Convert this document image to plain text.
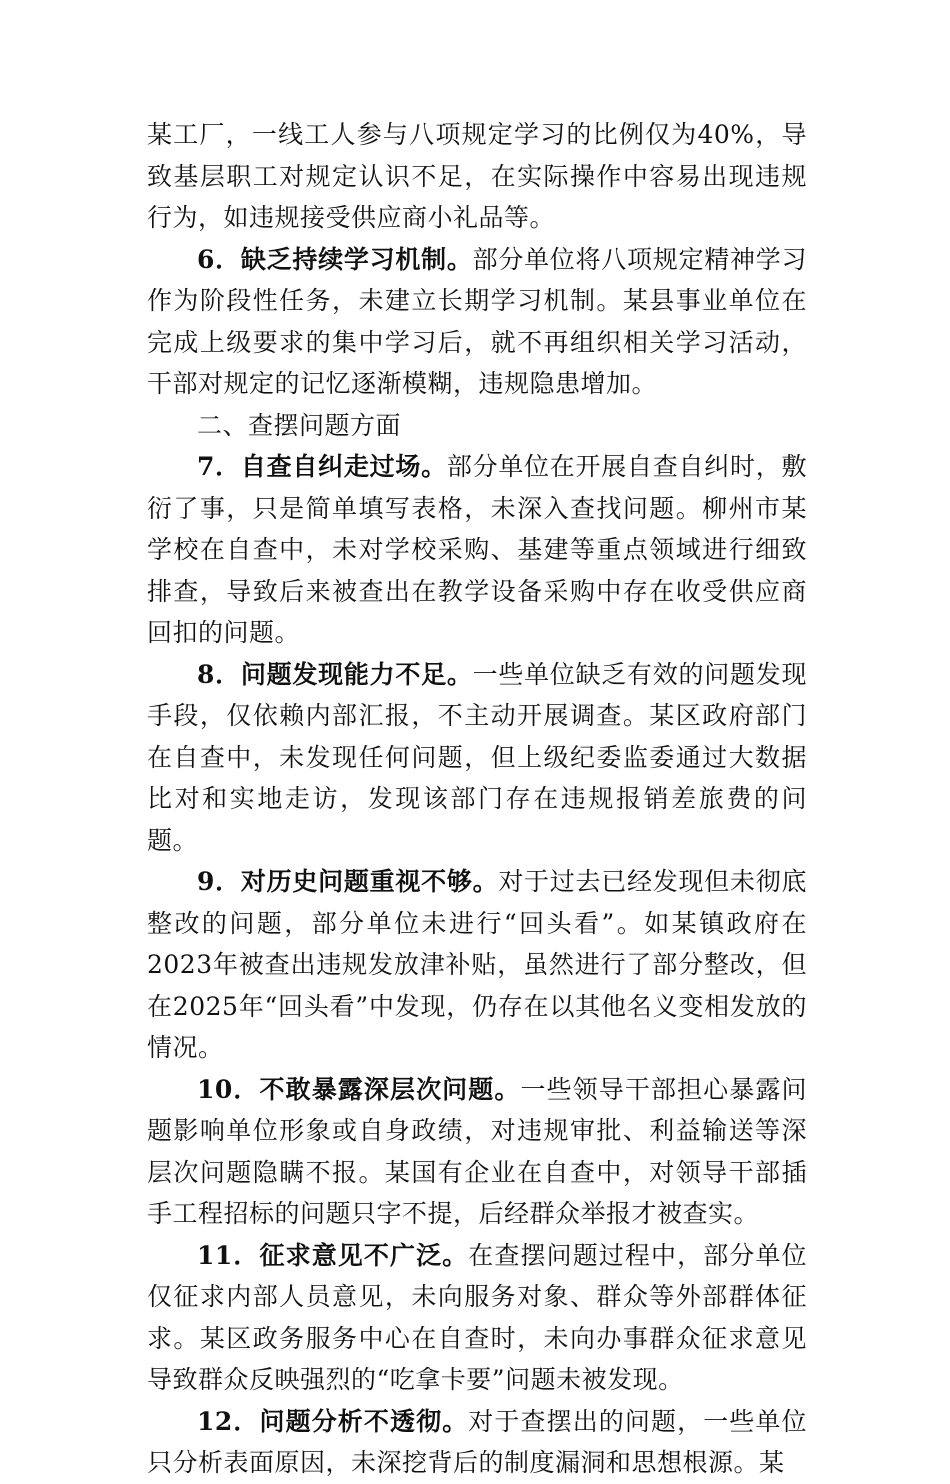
某工厂，一线工人参与八项规定学习的比例仅为40%，导致基层职工对规定认识不足，在实际操作中容易出现违规行为，如违规接受供应商小礼品等。

6．缺乏持续学习机制。部分单位将八项规定精神学习作为阶段性任务，未建立长期学习机制。某县事业单位在完成上级要求的集中学习后，就不再组织相关学习活动，干部对规定的记忆逐渐模糊，违规隐患增加。

二、查摆问题方面

7．自查自纠走过场。部分单位在开展自查自纠时，敷衍了事，只是简单填写表格，未深入查找问题。柳州市某学校在自查中，未对学校采购、基建等重点领域进行细致排查，导致后来被查出在教学设备采购中存在收受供应商回扣的问题。

8．问题发现能力不足。一些单位缺乏有效的问题发现手段，仅依赖内部汇报，不主动开展调查。某区政府部门在自查中，未发现任何问题，但上级纪委监委通过大数据比对和实地走访，发现该部门存在违规报销差旅费的问题。

9．对历史问题重视不够。对于过去已经发现但未彻底整改的问题，部分单位未进行“回头看”。如某镇政府在2023年被查出违规发放津补贴，虽然进行了部分整改，但在2025年“回头看”中发现，仍存在以其他名义变相发放的情况。

10．不敢暴露深层次问题。一些领导干部担心暴露问题影响单位形象或自身政绩，对违规审批、利益输送等深层次问题隐瞒不报。某国有企业在自查中，对领导干部插手工程招标的问题只字不提，后经群众举报才被查实。

11．征求意见不广泛。在查摆问题过程中，部分单位仅征求内部人员意见，未向服务对象、群众等外部群体征求。某区政务服务中心在自查时，未向办事群众征求意见导致群众反映强烈的“吃拿卡要”问题未被发现。

12．问题分析不透彻。对于查摆出的问题，一些单位只分析表面原因，未深挖背后的制度漏洞和思想根源。某
